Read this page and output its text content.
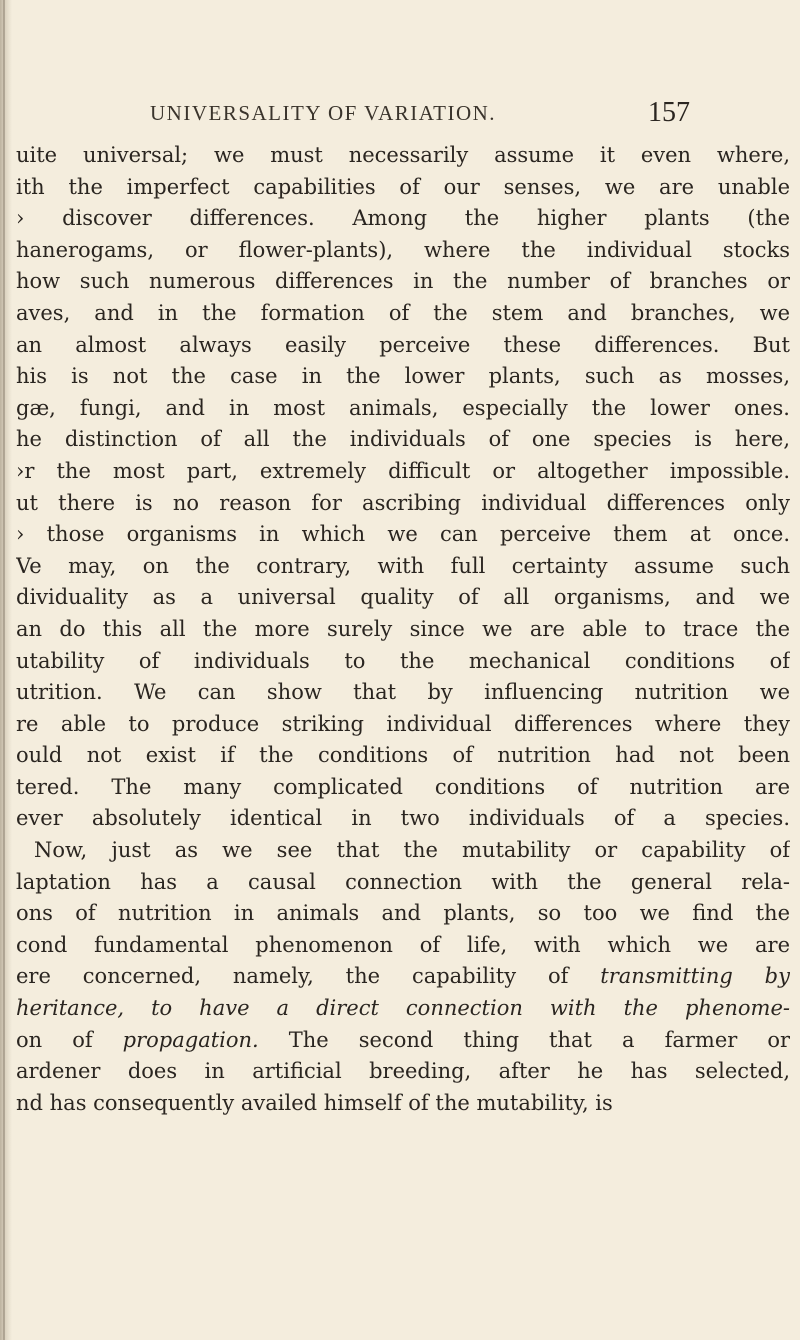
UNIVERSALITY OF VARIATION.	157
uite universal; we must necessarily assume it even where,
ith the imperfect capabilities of our senses, we are unable
› discover differences. Among the higher plants (the
hanerogams, or flower-plants), where the individual stocks
how such numerous differences in the number of branches or
aves, and in the formation of the stem and branches, we
an almost always easily perceive these differences. But
his is not the case in the lower plants, such as mosses,
gæ, fungi, and in most animals, especially the lower ones.
he distinction of all the individuals of one species is here,
›r the most part, extremely difficult or altogether impossible.
ut there is no reason for ascribing individual differences only
› those organisms in which we can perceive them at once.
Ve may, on the contrary, with full certainty assume such
dividuality as a universal quality of all organisms, and we
an do this all the more surely since we are able to trace the
utability of individuals to the mechanical conditions of
utrition. We can show that by influencing nutrition we
re able to produce striking individual differences where they
ould not exist if the conditions of nutrition had not been
tered. The many complicated conditions of nutrition are
ever absolutely identical in two individuals of a species.
Now, just as we see that the mutability or capability of
laptation has a causal connection with the general rela-
ons of nutrition in animals and plants, so too we find the
cond fundamental phenomenon of life, with which we are
ere concerned, namely, the capability of transmitting by
heritance, to have a direct connection with the phenome-
on of propagation. The second thing that a farmer or
ardener does in artificial breeding, after he has selected,
nd has consequently availed himself of the mutability, is
